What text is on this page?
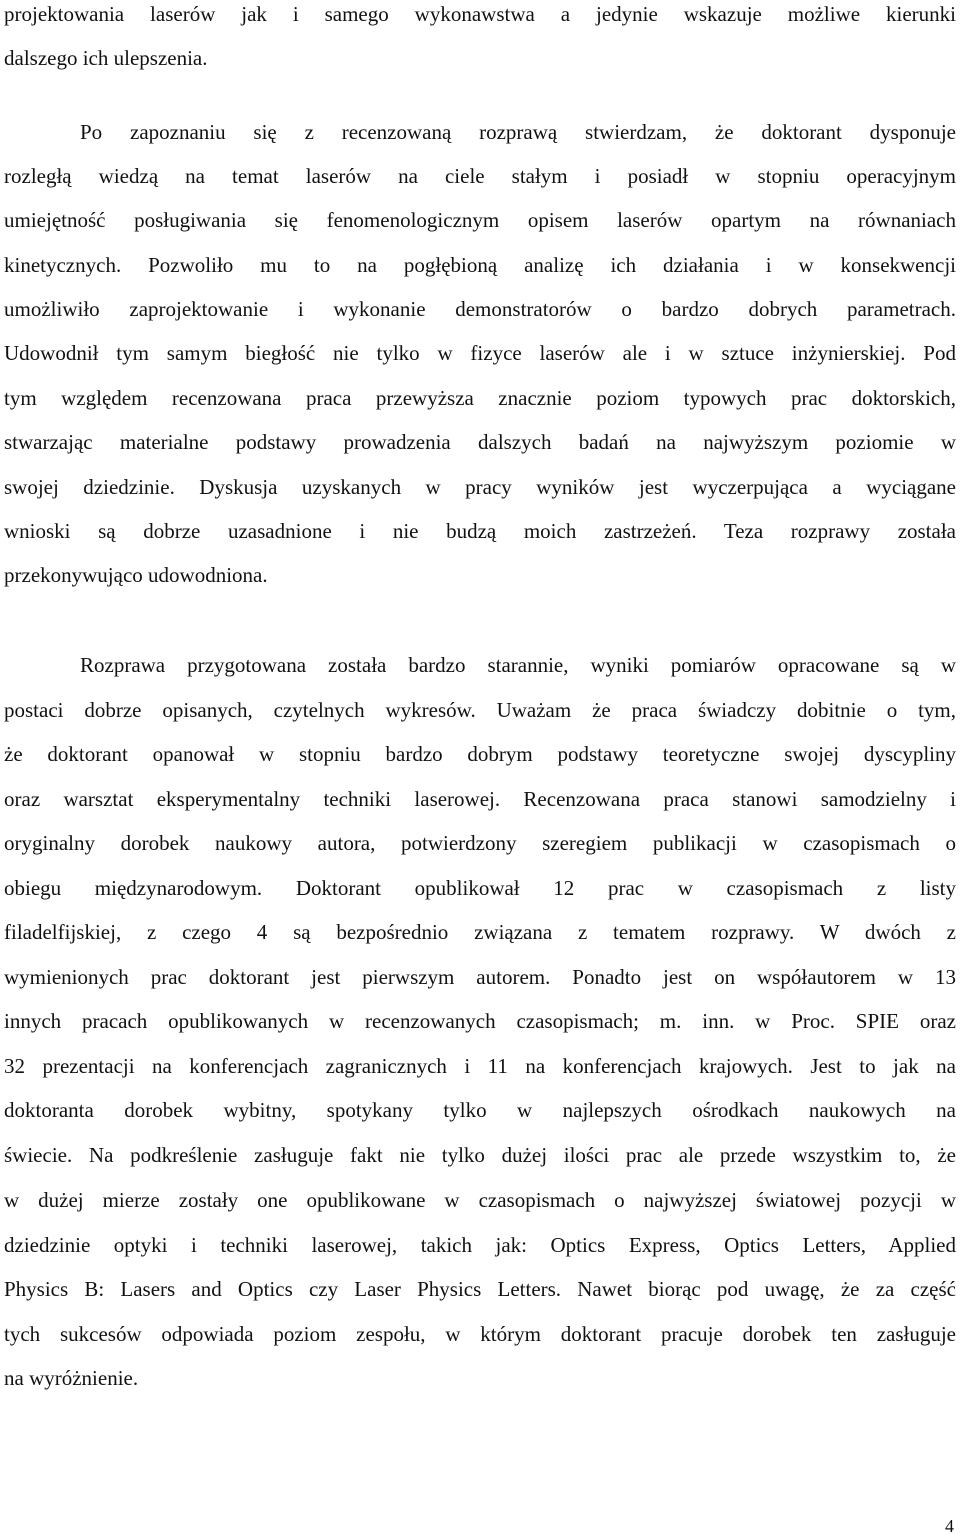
projektowania laserów jak i samego wykonawstwa a jedynie wskazuje możliwe kierunki
dalszego ich ulepszenia.
Po zapoznaniu się z recenzowaną rozprawą stwierdzam, że doktorant dysponuje
rozległą wiedzą na temat laserów na ciele stałym i posiadł w stopniu operacyjnym
umiejętność posługiwania się fenomenologicznym opisem laserów opartym na równaniach
kinetycznych. Pozwoliło mu to na pogłębioną analizę ich działania i w konsekwencji
umożliwiło zaprojektowanie i wykonanie demonstratorów o bardzo dobrych parametrach.
Udowodnił tym samym biegłość nie tylko w fizyce laserów ale i w sztuce inżynierskiej. Pod
tym względem recenzowana praca przewyższa znacznie poziom typowych prac doktorskich,
stwarzając materialne podstawy prowadzenia dalszych badań na najwyższym poziomie w
swojej dziedzinie. Dyskusja uzyskanych w pracy wyników jest wyczerpująca a wyciągane
wnioski są dobrze uzasadnione i nie budzą moich zastrzeżeń. Teza rozprawy została
przekonywująco udowodniona.
Rozprawa przygotowana została bardzo starannie, wyniki pomiarów opracowane są w
postaci dobrze opisanych, czytelnych wykresów. Uważam że praca świadczy dobitnie o tym,
że doktorant opanował w stopniu bardzo dobrym podstawy teoretyczne swojej dyscypliny
oraz warsztat eksperymentalny techniki laserowej. Recenzowana praca stanowi samodzielny i
oryginalny dorobek naukowy autora, potwierdzony szeregiem publikacji w czasopismach o
obiegu międzynarodowym. Doktorant opublikował 12 prac w czasopismach z listy
filadelfijskiej, z czego 4 są bezpośrednio związana z tematem rozprawy. W dwóch z
wymienionych prac doktorant jest pierwszym autorem. Ponadto jest on współautorem w 13
innych pracach opublikowanych w recenzowanych czasopismach; m. inn. w Proc. SPIE oraz
32 prezentacji na konferencjach zagranicznych i 11 na konferencjach krajowych. Jest to jak na
doktoranta dorobek wybitny, spotykany tylko w najlepszych ośrodkach naukowych na
świecie. Na podkreślenie zasługuje fakt nie tylko dużej ilości prac ale przede wszystkim to, że
w dużej mierze zostały one opublikowane w czasopismach o najwyższej światowej pozycji w
dziedzinie optyki i techniki laserowej, takich jak: Optics Express, Optics Letters, Applied
Physics B: Lasers and Optics czy Laser Physics Letters. Nawet biorąc pod uwagę, że za część
tych sukcesów odpowiada poziom zespołu, w którym doktorant pracuje dorobek ten zasługuje
na wyróżnienie.
4
